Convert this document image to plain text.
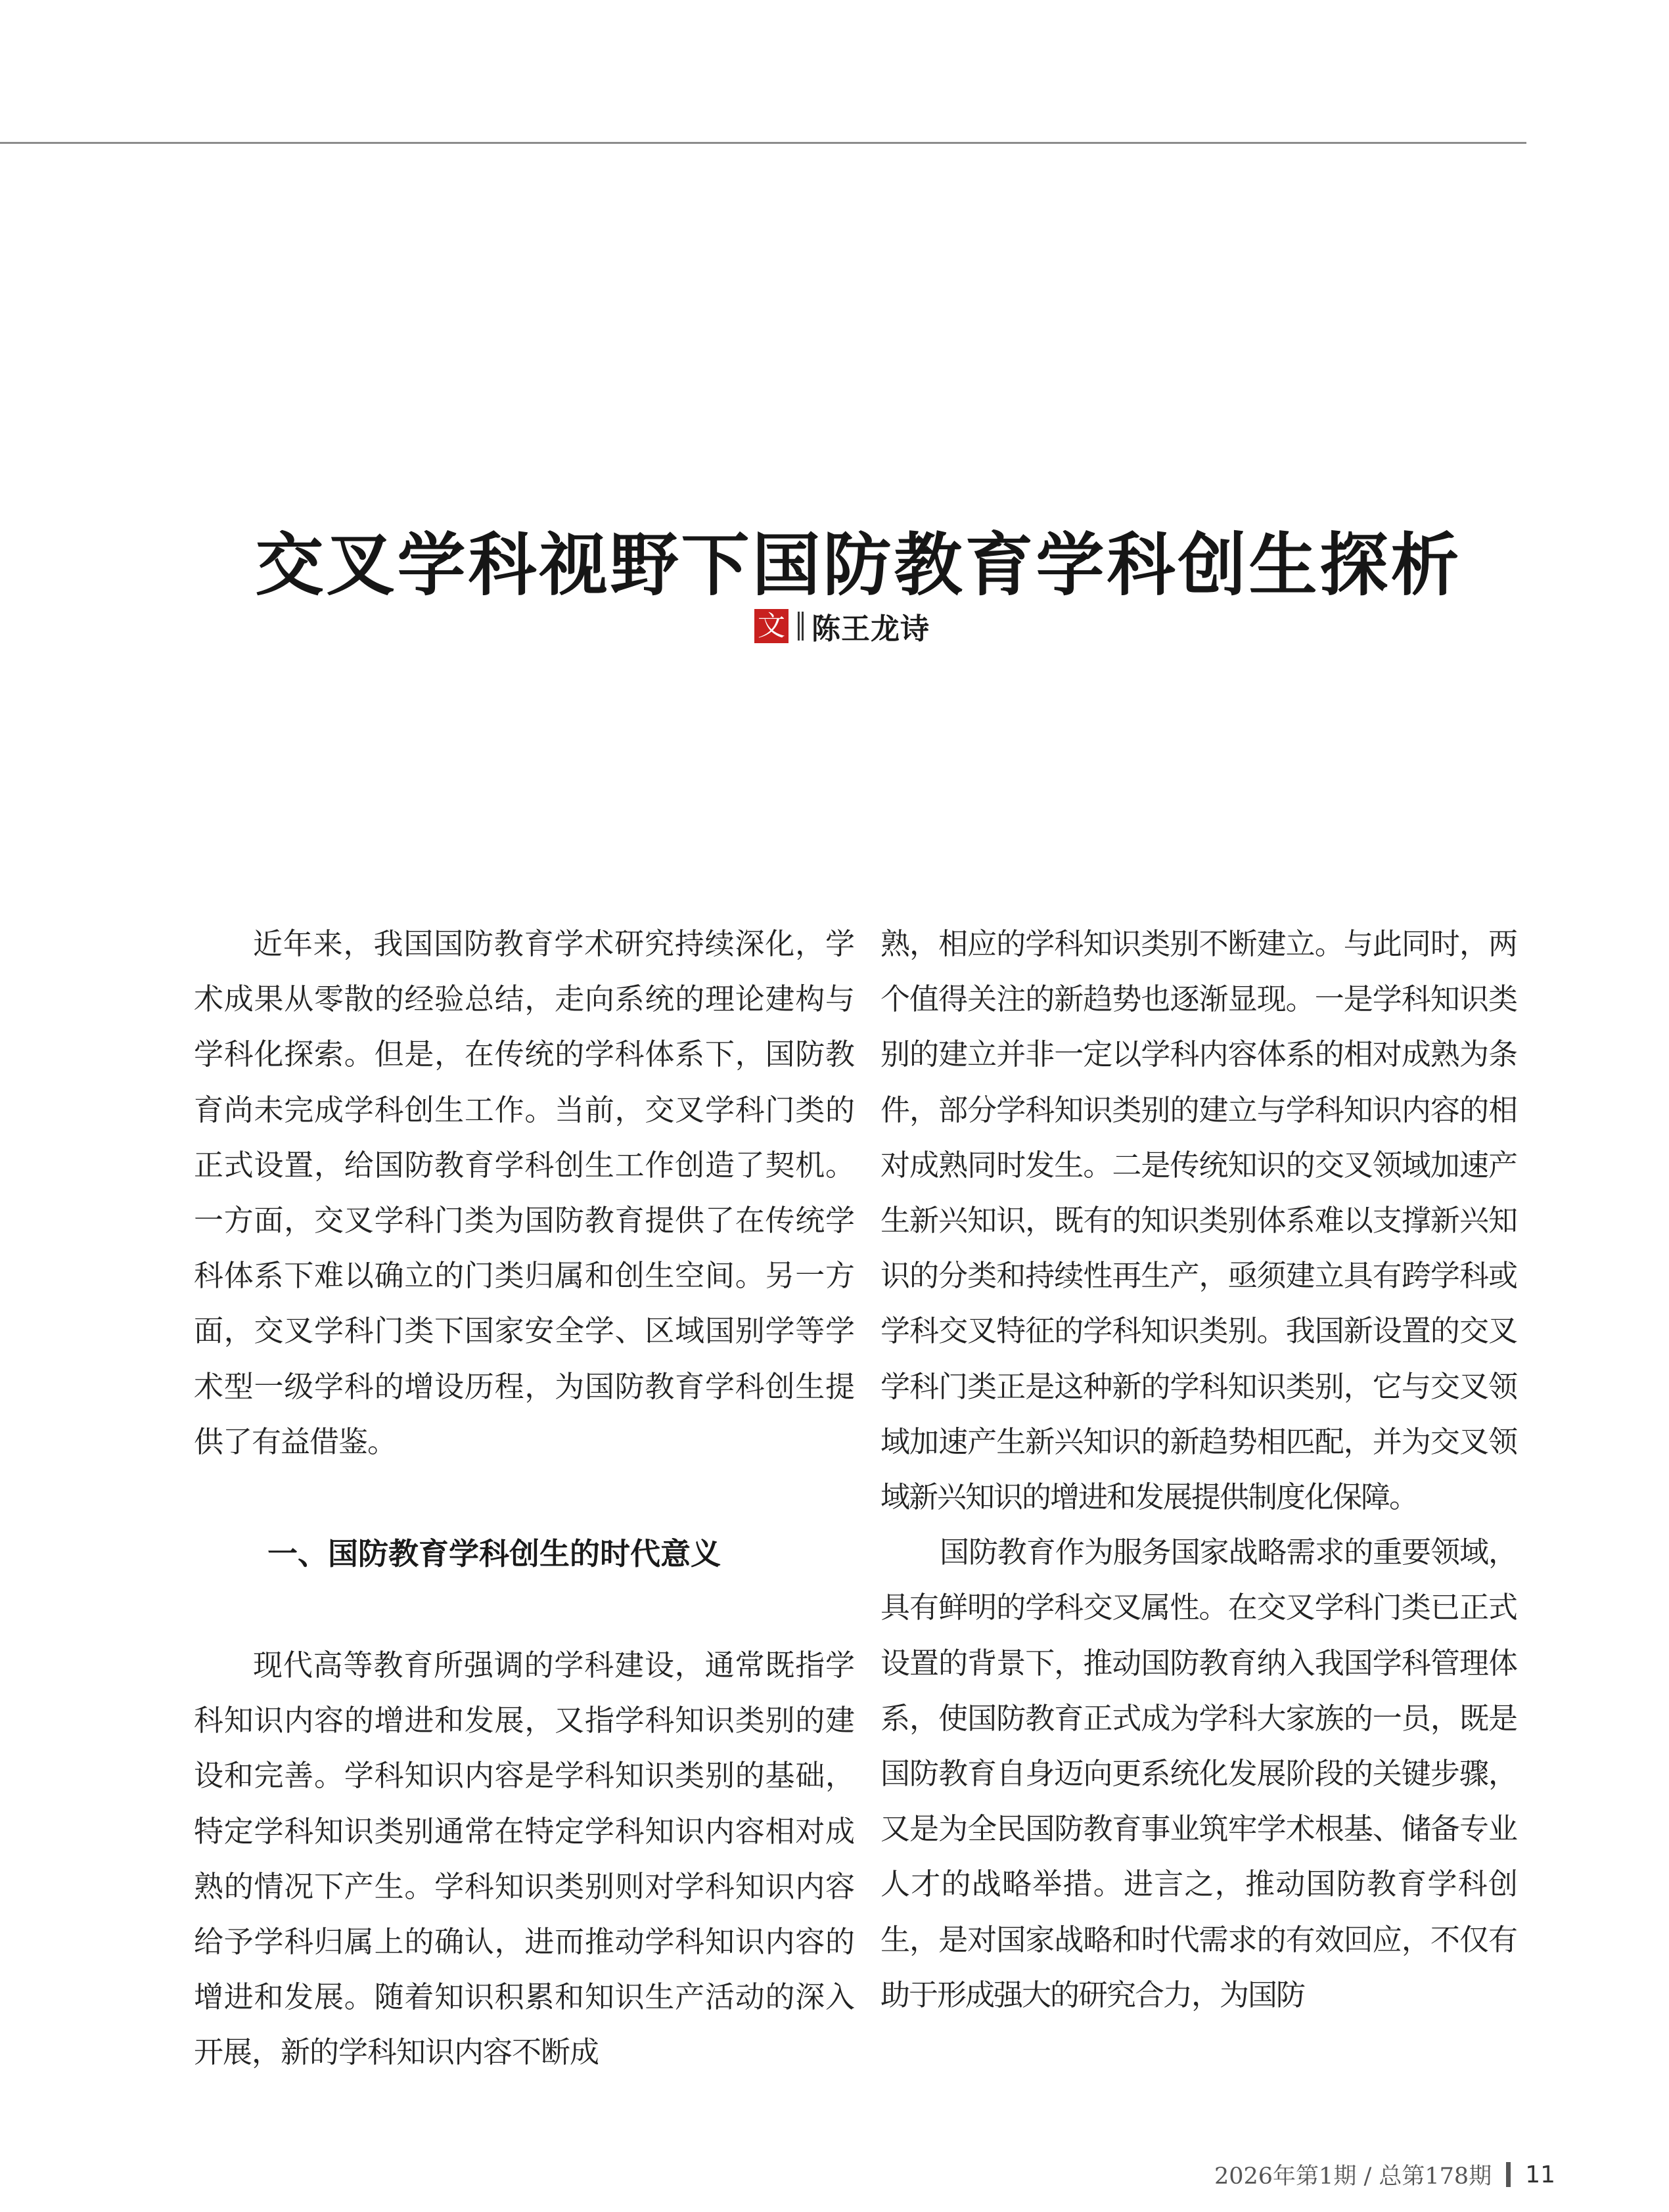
交叉学科视野下国防教育学科创生探析
文 陈王龙诗

近年来，我国国防教育学术研究持续深化，学术成果从零散的经验总结，走向系统的理论建构与学科化探索。但是，在传统的学科体系下，国防教育尚未完成学科创生工作。当前，交叉学科门类的正式设置，给国防教育学科创生工作创造了契机。一方面，交叉学科门类为国防教育提供了在传统学科体系下难以确立的门类归属和创生空间。另一方面，交叉学科门类下国家安全学、区域国别学等学术型一级学科的增设历程，为国防教育学科创生提供了有益借鉴。

一、国防教育学科创生的时代意义

现代高等教育所强调的学科建设，通常既指学科知识内容的增进和发展，又指学科知识类别的建设和完善。学科知识内容是学科知识类别的基础，特定学科知识类别通常在特定学科知识内容相对成熟的情况下产生。学科知识类别则对学科知识内容给予学科归属上的确认，进而推动学科知识内容的增进和发展。随着知识积累和知识生产活动的深入开展，新的学科知识内容不断成

熟，相应的学科知识类别不断建立。与此同时，两个值得关注的新趋势也逐渐显现。一是学科知识类别的建立并非一定以学科内容体系的相对成熟为条件，部分学科知识类别的建立与学科知识内容的相对成熟同时发生。二是传统知识的交叉领域加速产生新兴知识，既有的知识类别体系难以支撑新兴知识的分类和持续性再生产，亟须建立具有跨学科或学科交叉特征的学科知识类别。我国新设置的交叉学科门类正是这种新的学科知识类别，它与交叉领域加速产生新兴知识的新趋势相匹配，并为交叉领域新兴知识的增进和发展提供制度化保障。

国防教育作为服务国家战略需求的重要领域，具有鲜明的学科交叉属性。在交叉学科门类已正式设置的背景下，推动国防教育纳入我国学科管理体系，使国防教育正式成为学科大家族的一员，既是国防教育自身迈向更系统化发展阶段的关键步骤，又是为全民国防教育事业筑牢学术根基、储备专业人才的战略举措。进言之，推动国防教育学科创生，是对国家战略和时代需求的有效回应，不仅有助于形成强大的研究合力，为国防

2026年第1期 / 总第178期 11
